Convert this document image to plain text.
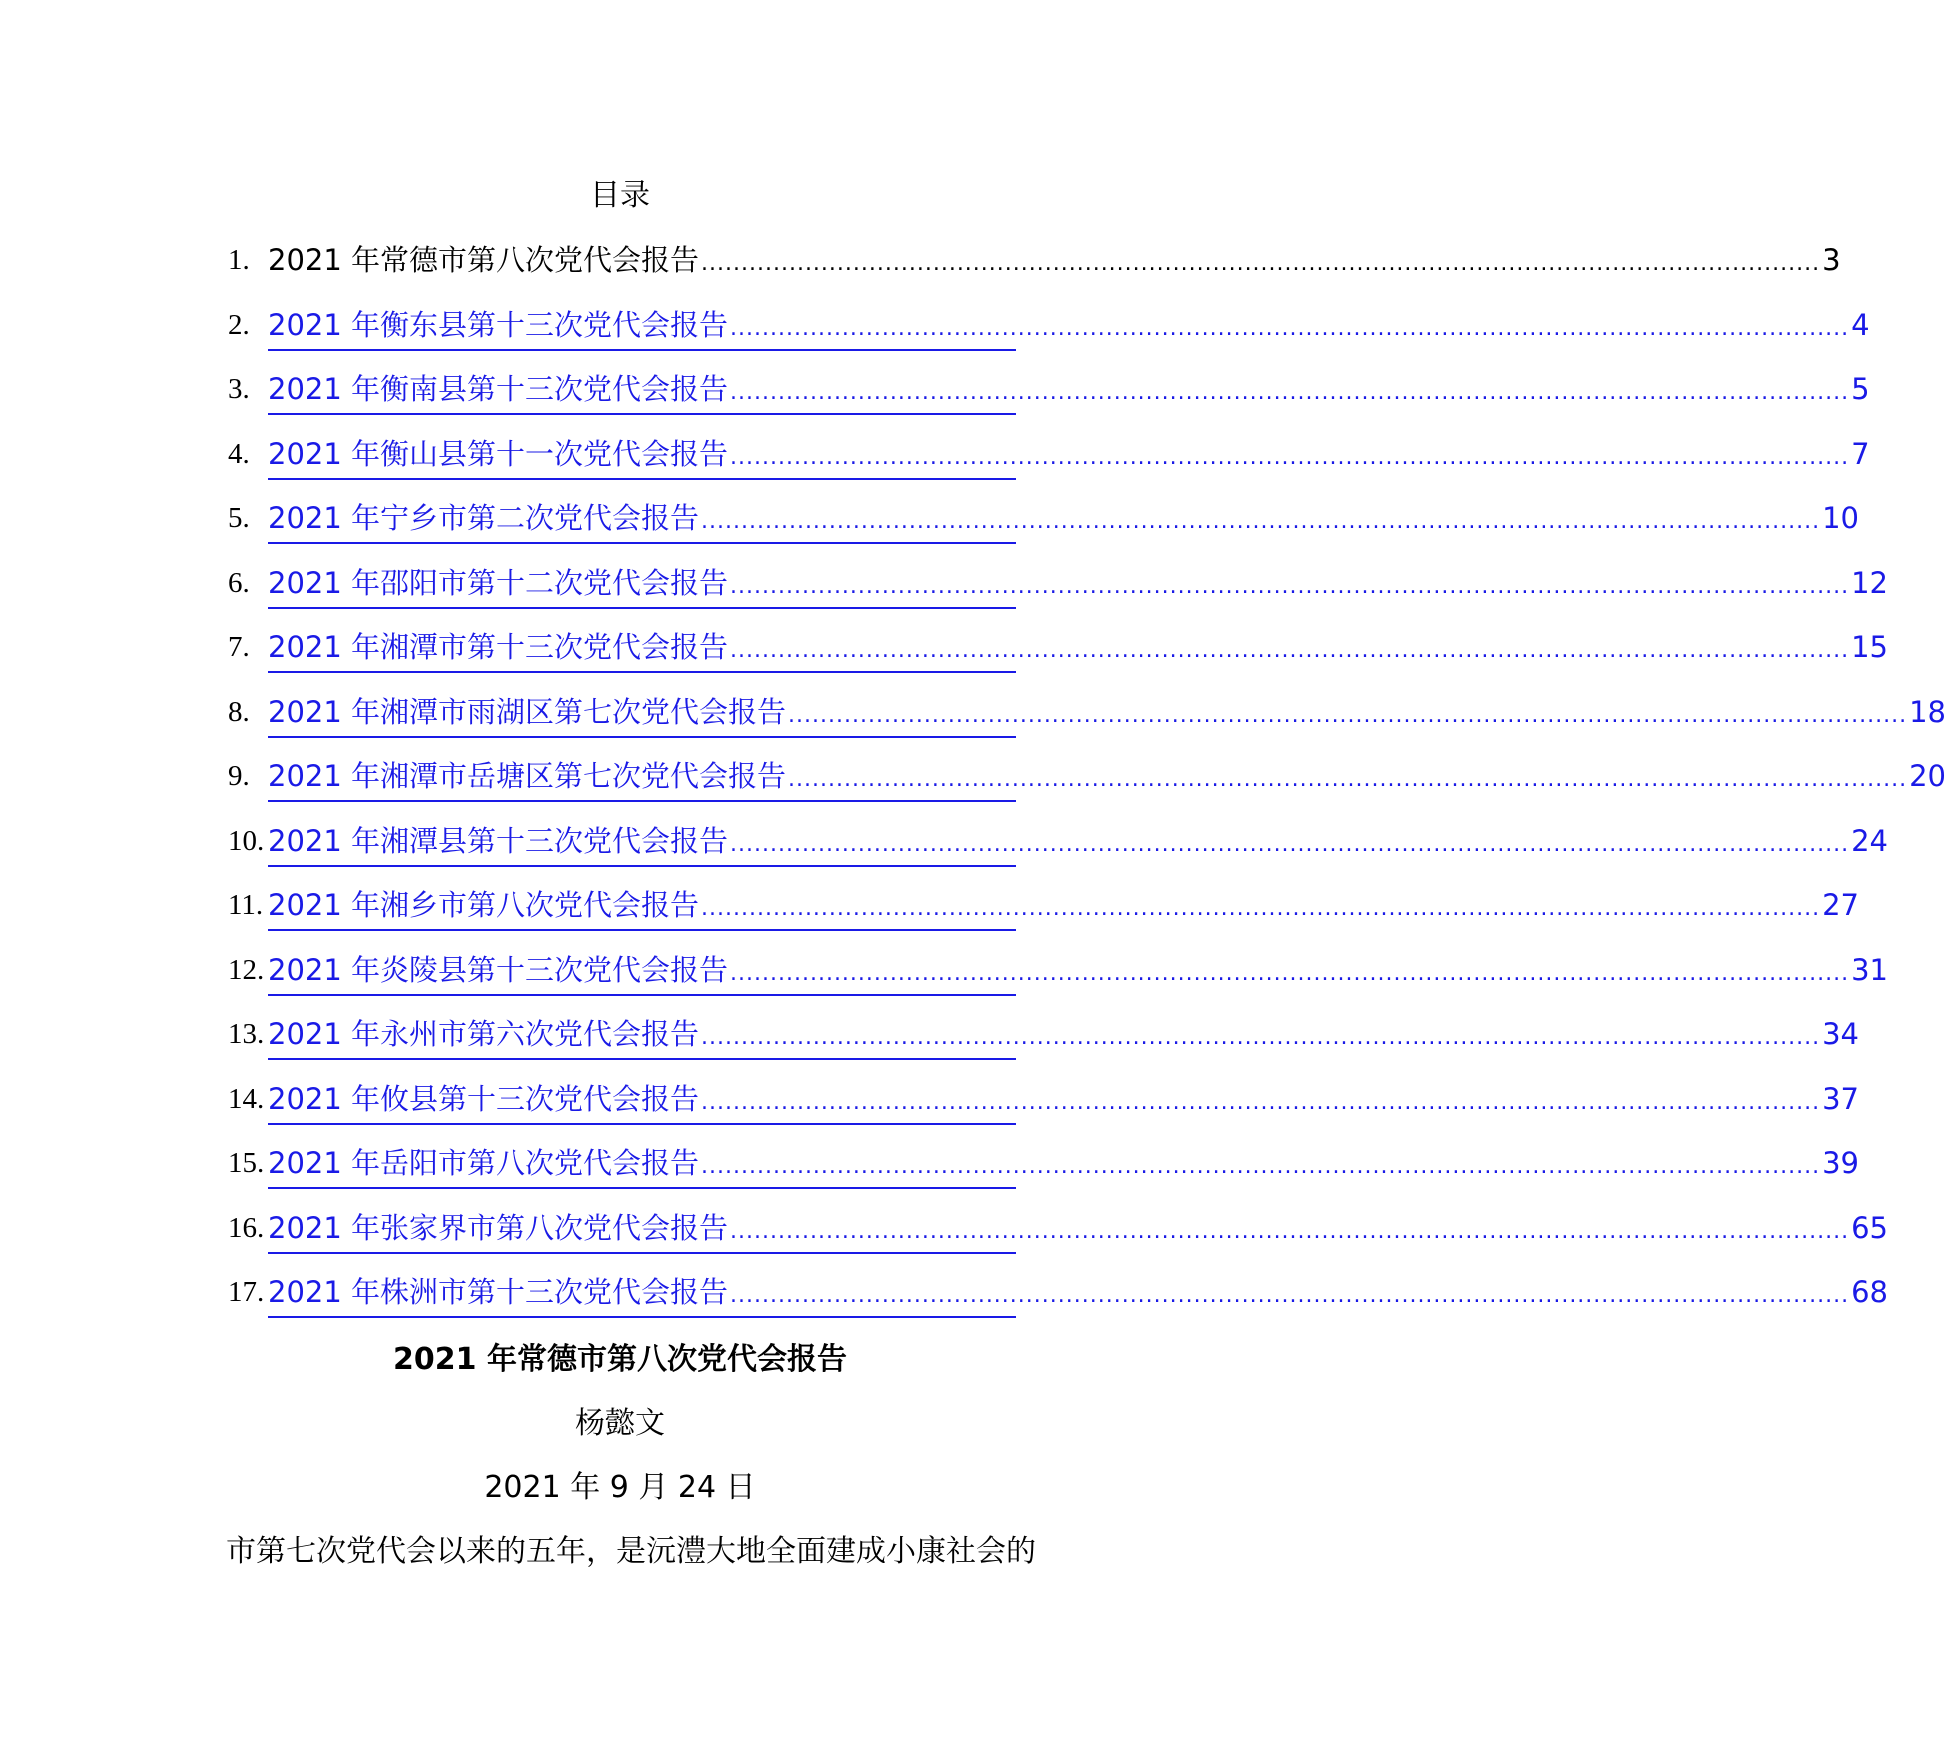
目录
1. 2021 年常德市第八次党代会报告 ............................................................................................................................................ 3
2. 2021 年衡东县第十三次党代会报告 ............................................................................................................................................ 4
3. 2021 年衡南县第十三次党代会报告 ............................................................................................................................................ 5
4. 2021 年衡山县第十一次党代会报告 ............................................................................................................................................ 7
5. 2021 年宁乡市第二次党代会报告 ............................................................................................................................................ 10
6. 2021 年邵阳市第十二次党代会报告 ............................................................................................................................................ 12
7. 2021 年湘潭市第十三次党代会报告 ............................................................................................................................................ 15
8. 2021 年湘潭市雨湖区第七次党代会报告 ............................................................................................................................................ 18
9. 2021 年湘潭市岳塘区第七次党代会报告 ............................................................................................................................................ 20
10. 2021 年湘潭县第十三次党代会报告 ............................................................................................................................................ 24
11. 2021 年湘乡市第八次党代会报告 ............................................................................................................................................ 27
12. 2021 年炎陵县第十三次党代会报告 ............................................................................................................................................ 31
13. 2021 年永州市第六次党代会报告 ............................................................................................................................................ 34
14. 2021 年攸县第十三次党代会报告 ............................................................................................................................................ 37
15. 2021 年岳阳市第八次党代会报告 ............................................................................................................................................ 39
16. 2021 年张家界市第八次党代会报告 ............................................................................................................................................ 65
17. 2021 年株洲市第十三次党代会报告 ............................................................................................................................................ 68
2021 年常德市第八次党代会报告
杨懿文
2021 年 9 月 24 日
市第七次党代会以来的五年，是沅澧大地全面建成小康社会的
